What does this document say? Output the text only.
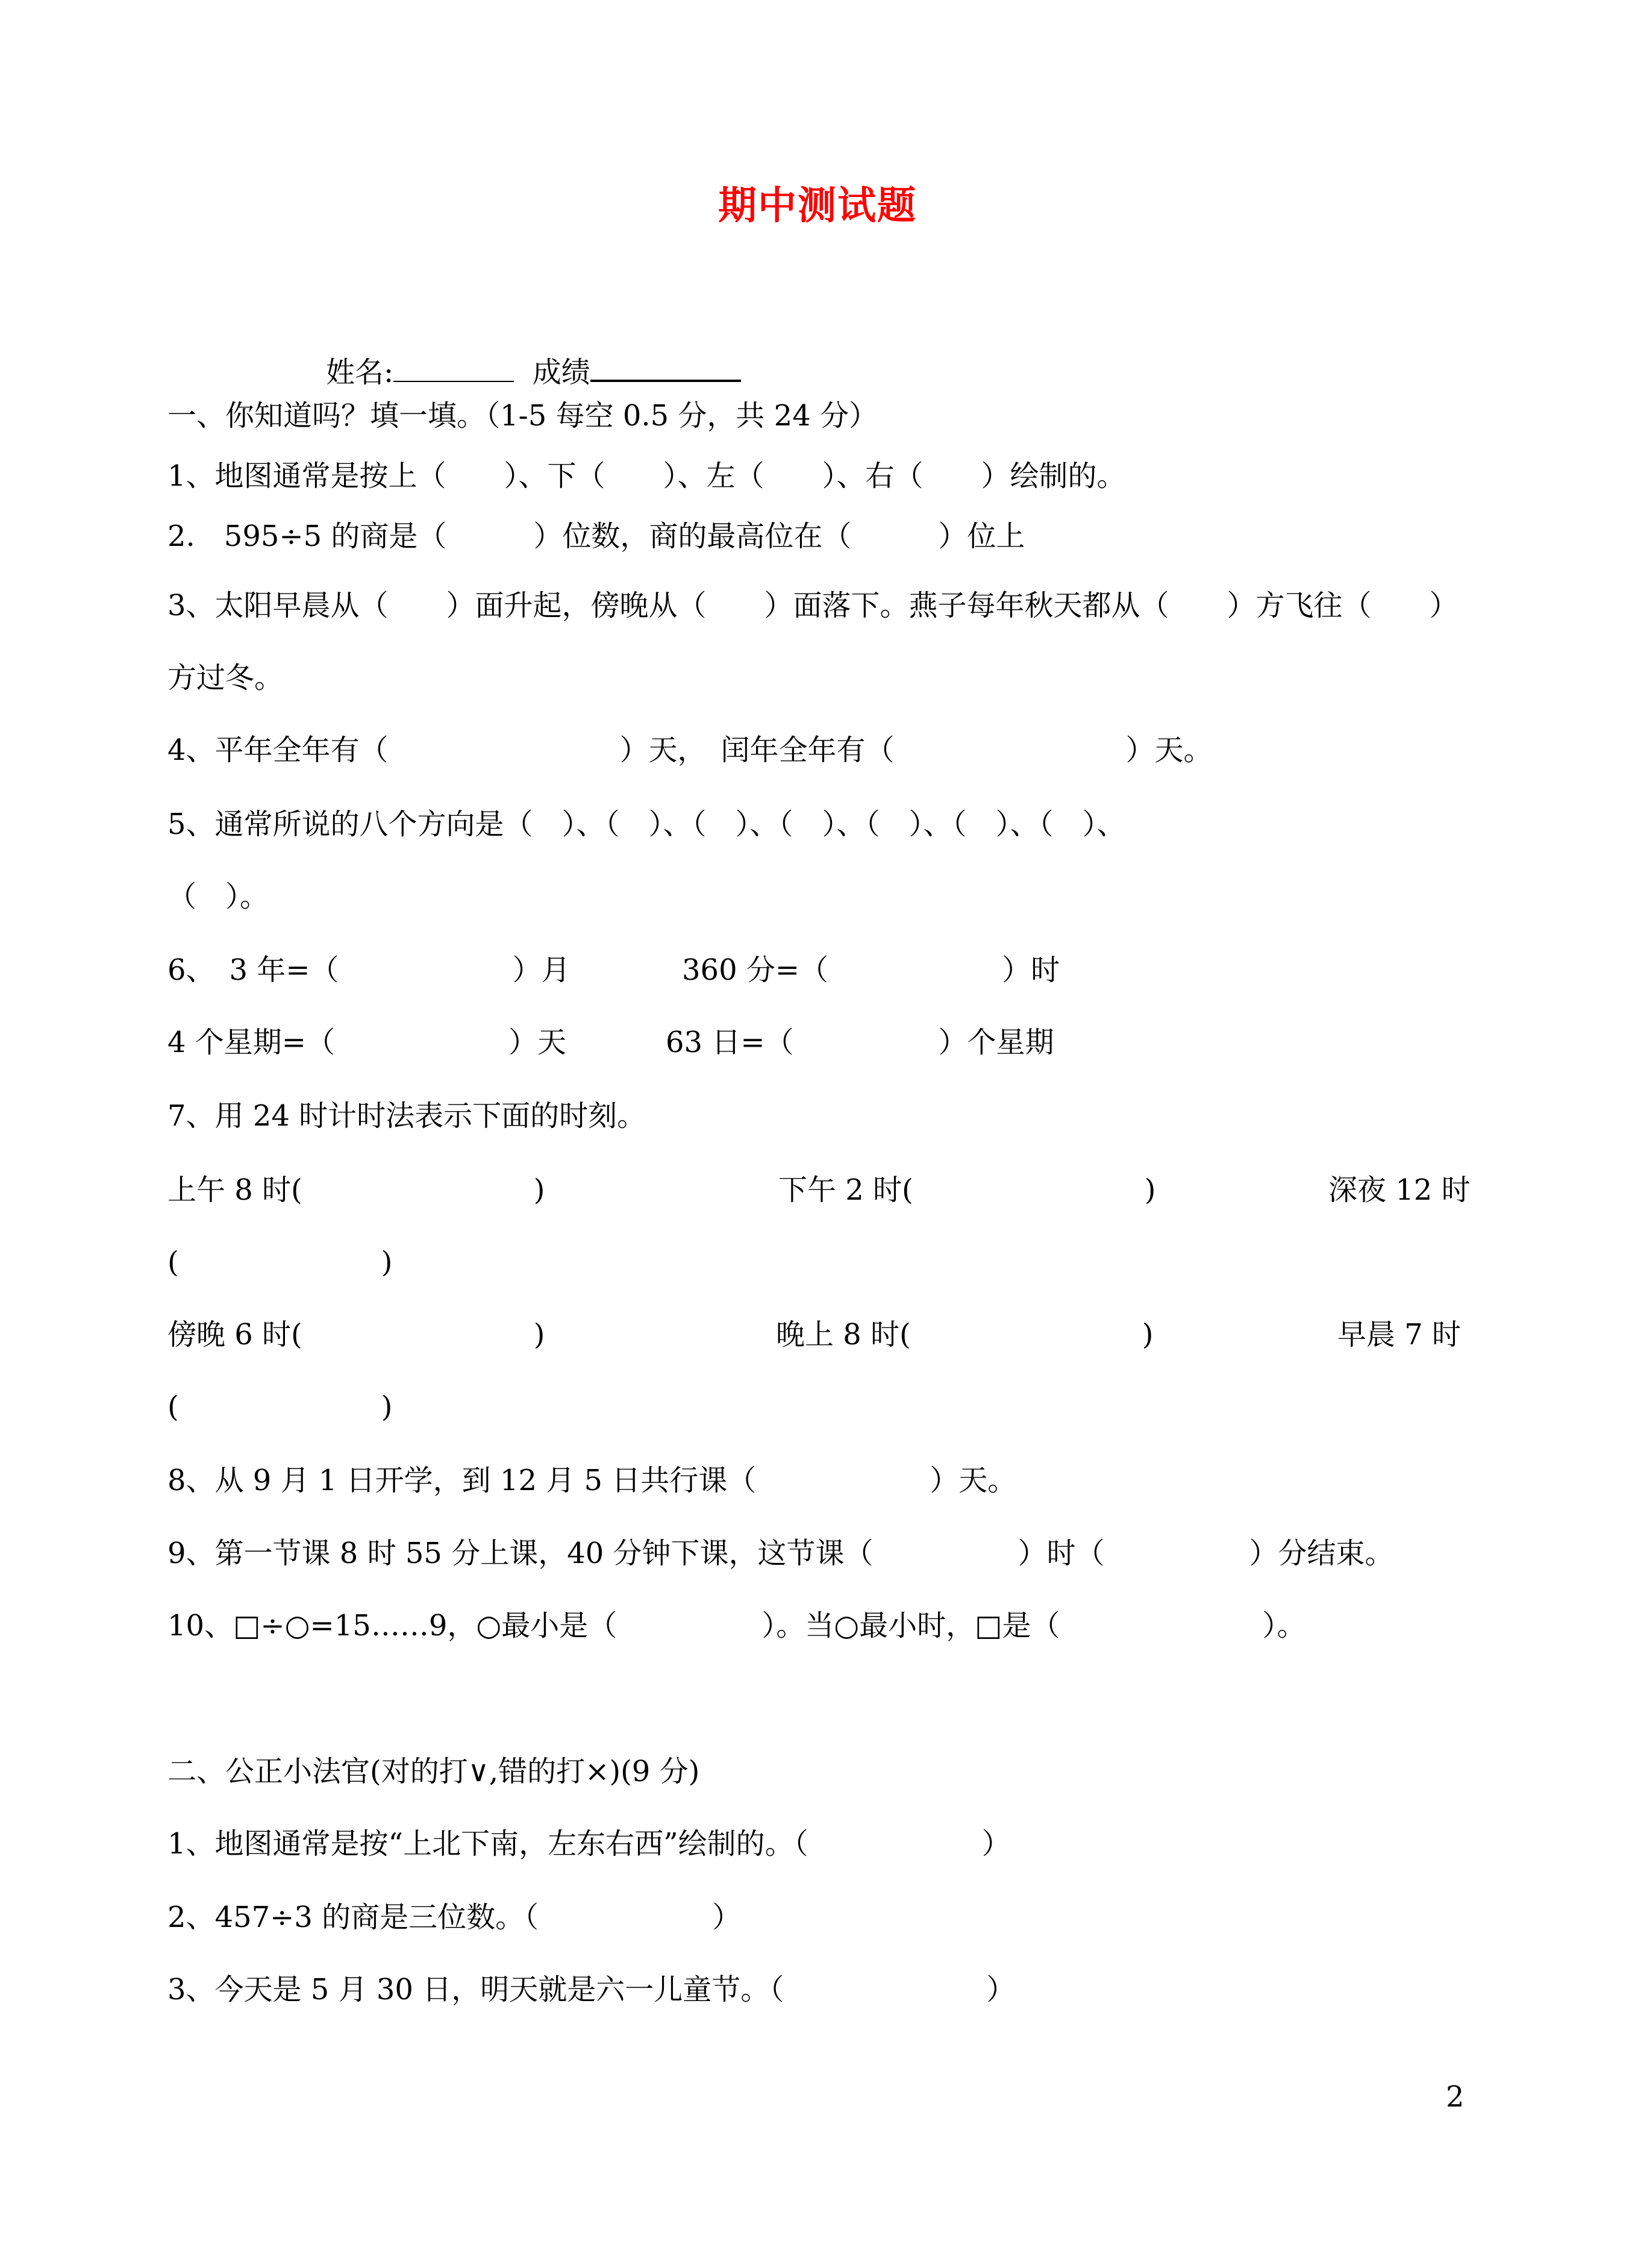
期中测试题

姓名:	成绩

一、你知道吗？填一填。（1-5 每空 0.5 分，共 24 分）
1、地图通常是按上（　　）、下（　　）、左（　　）、右（　　）绘制的。
2.　595÷5 的商是（　　　）位数，商的最高位在（　　　）位上
3、太阳早晨从（　　）面升起，傍晚从（　　）面落下。燕子每年秋天都从（　　）方飞往（　　）
方过冬。
4、平年全年有（　　　　　　　　）天，　闰年全年有（　　　　　　　　）天。
5、通常所说的八个方向是（　）、（　）、（　）、（　）、（　）、（　）、（　）、
（　）。
6、　3 年=（　　　　　　）月	360 分=（　　　　　　）时
4 个星期=（　　　　　　）天	63 日=（　　　　　）个星期
7、用 24 时计时法表示下面的时刻。
上午 8 时(　　　　　　　　)	下午 2 时(　　　　　　　　)	深夜 12 时
(　　　　　　　)
傍晚 6 时(　　　　　　　　)	晚上 8 时(　　　　　　　　)	早晨 7 时
(　　　　　　　)
8、从 9 月 1 日开学，到 12 月 5 日共行课（　　　　　　）天。
9、第一节课 8 时 55 分上课，40 分钟下课，这节课（　　　　　）时（　　　　　）分结束。
10、□÷○=15……9，○最小是（　　　　　）。当○最小时，□是（　　　　　　　）。
二、公正小法官(对的打∨,错的打×)(9 分)
1、地图通常是按“上北下南，左东右西”绘制的。（　　　　　　）
2、457÷3 的商是三位数。（　　　　　　）
3、今天是 5 月 30 日，明天就是六一儿童节。（　　　　　　　）
2
